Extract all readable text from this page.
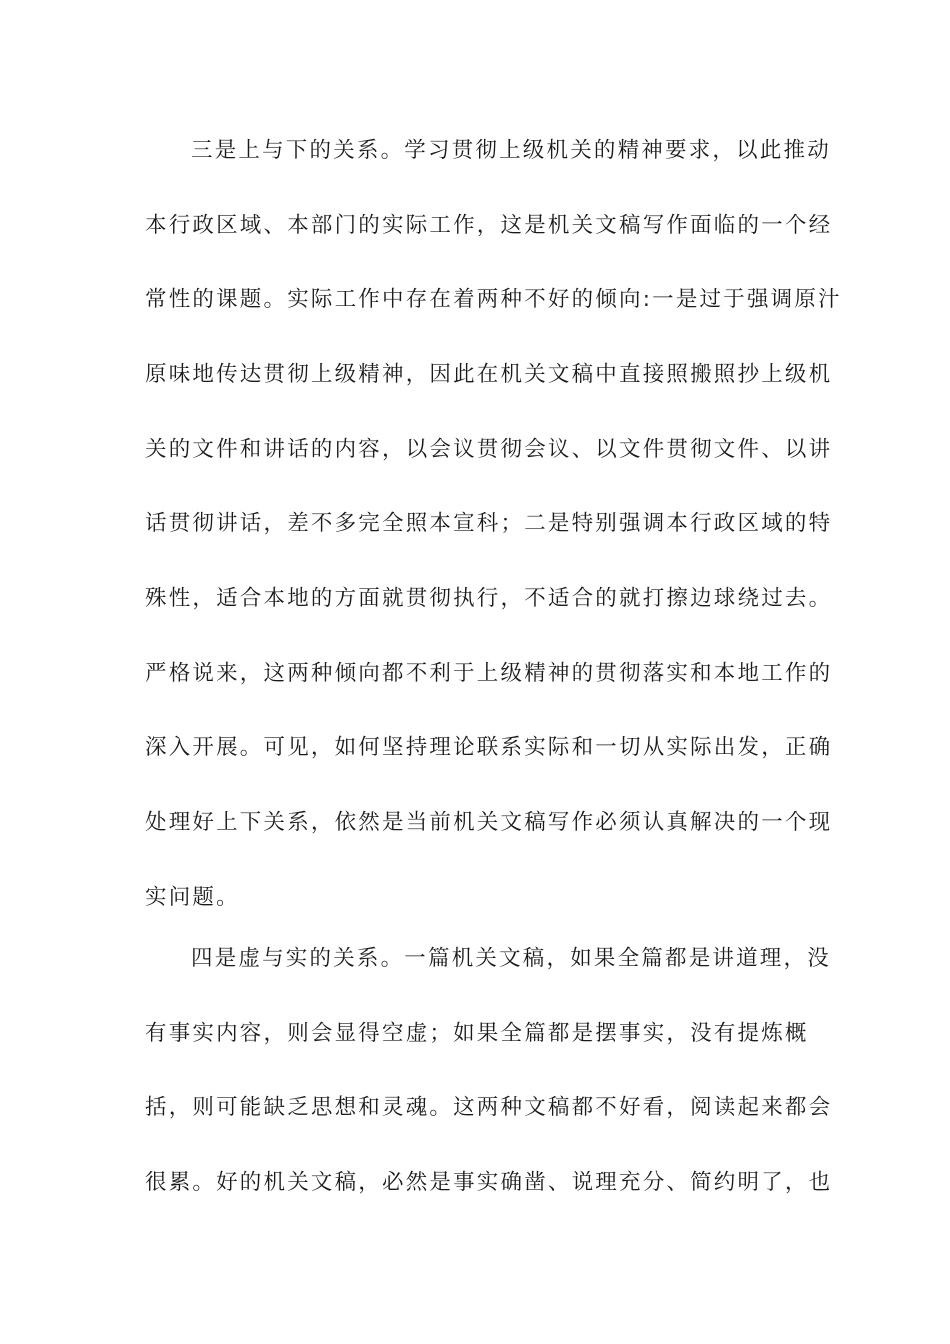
三是上与下的关系。学习贯彻上级机关的精神要求，以此推动
本行政区域、本部门的实际工作，这是机关文稿写作面临的一个经
常性的课题。实际工作中存在着两种不好的倾向:一是过于强调原汁
原味地传达贯彻上级精神，因此在机关文稿中直接照搬照抄上级机
关的文件和讲话的内容，以会议贯彻会议、以文件贯彻文件、以讲
话贯彻讲话，差不多完全照本宣科；二是特别强调本行政区域的特
殊性，适合本地的方面就贯彻执行，不适合的就打擦边球绕过去。
严格说来，这两种倾向都不利于上级精神的贯彻落实和本地工作的
深入开展。可见，如何坚持理论联系实际和一切从实际出发，正确
处理好上下关系，依然是当前机关文稿写作必须认真解决的一个现
实问题。
四是虚与实的关系。一篇机关文稿，如果全篇都是讲道理，没
有事实内容，则会显得空虚；如果全篇都是摆事实，没有提炼概
括，则可能缺乏思想和灵魂。这两种文稿都不好看，阅读起来都会
很累。好的机关文稿，必然是事实确凿、说理充分、简约明了，也
